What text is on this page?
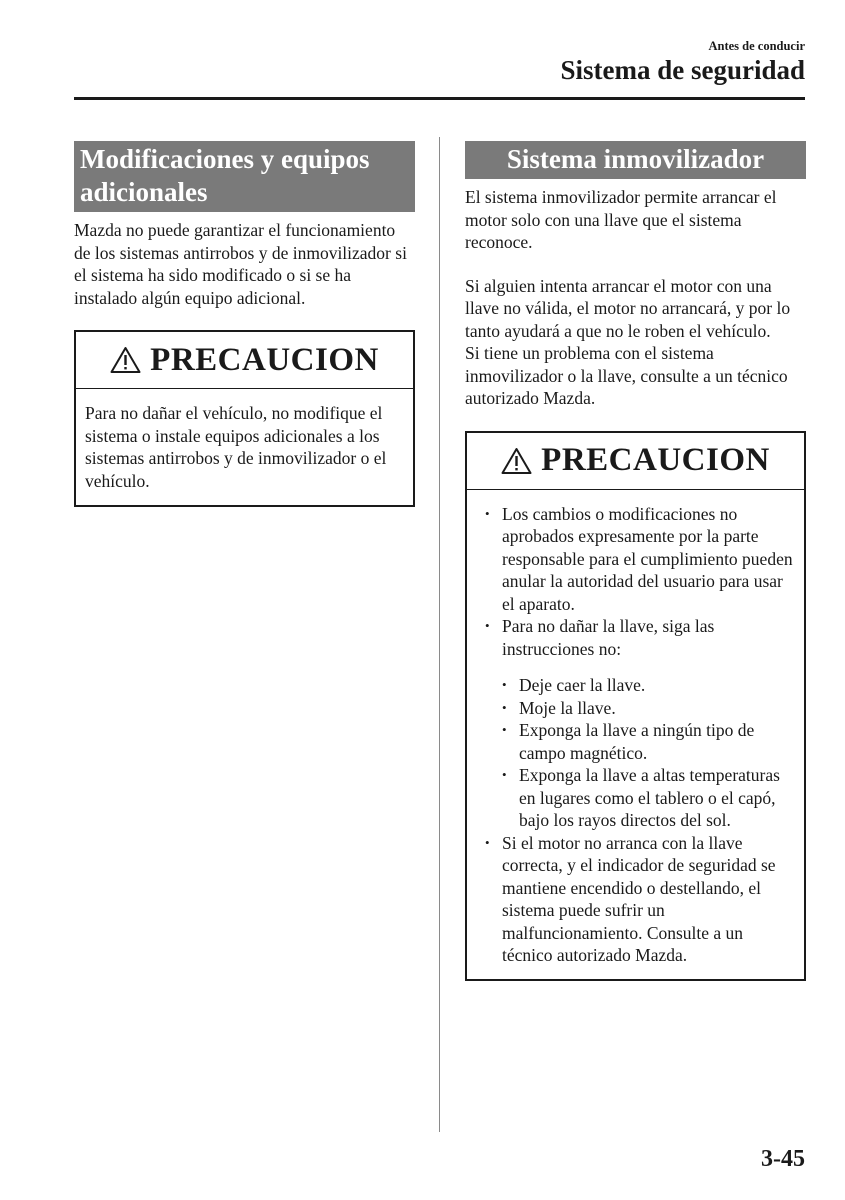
Antes de conducir
Sistema de seguridad
Modificaciones y equipos adicionales

Mazda no puede garantizar el funcionamiento de los sistemas antirrobos y de inmovilizador si el sistema ha sido modificado o si se ha instalado algún equipo adicional.

PRECAUCION
Para no dañar el vehículo, no modifique el sistema o instale equipos adicionales a los sistemas antirrobos y de inmovilizador o el vehículo.
Sistema inmovilizador

El sistema inmovilizador permite arrancar el motor solo con una llave que el sistema reconoce.

Si alguien intenta arrancar el motor con una llave no válida, el motor no arrancará, y por lo tanto ayudará a que no le roben el vehículo.

Si tiene un problema con el sistema inmovilizador o la llave, consulte a un técnico autorizado Mazda.

PRECAUCION
• Los cambios o modificaciones no aprobados expresamente por la parte responsable para el cumplimiento pueden anular la autoridad del usuario para usar el aparato.
• Para no dañar la llave, siga las instrucciones no:
• Deje caer la llave.
• Moje la llave.
• Exponga la llave a ningún tipo de campo magnético.
• Exponga la llave a altas temperaturas en lugares como el tablero o el capó, bajo los rayos directos del sol.
• Si el motor no arranca con la llave correcta, y el indicador de seguridad se mantiene encendido o destellando, el sistema puede sufrir un malfuncionamiento. Consulte a un técnico autorizado Mazda.
3-45
